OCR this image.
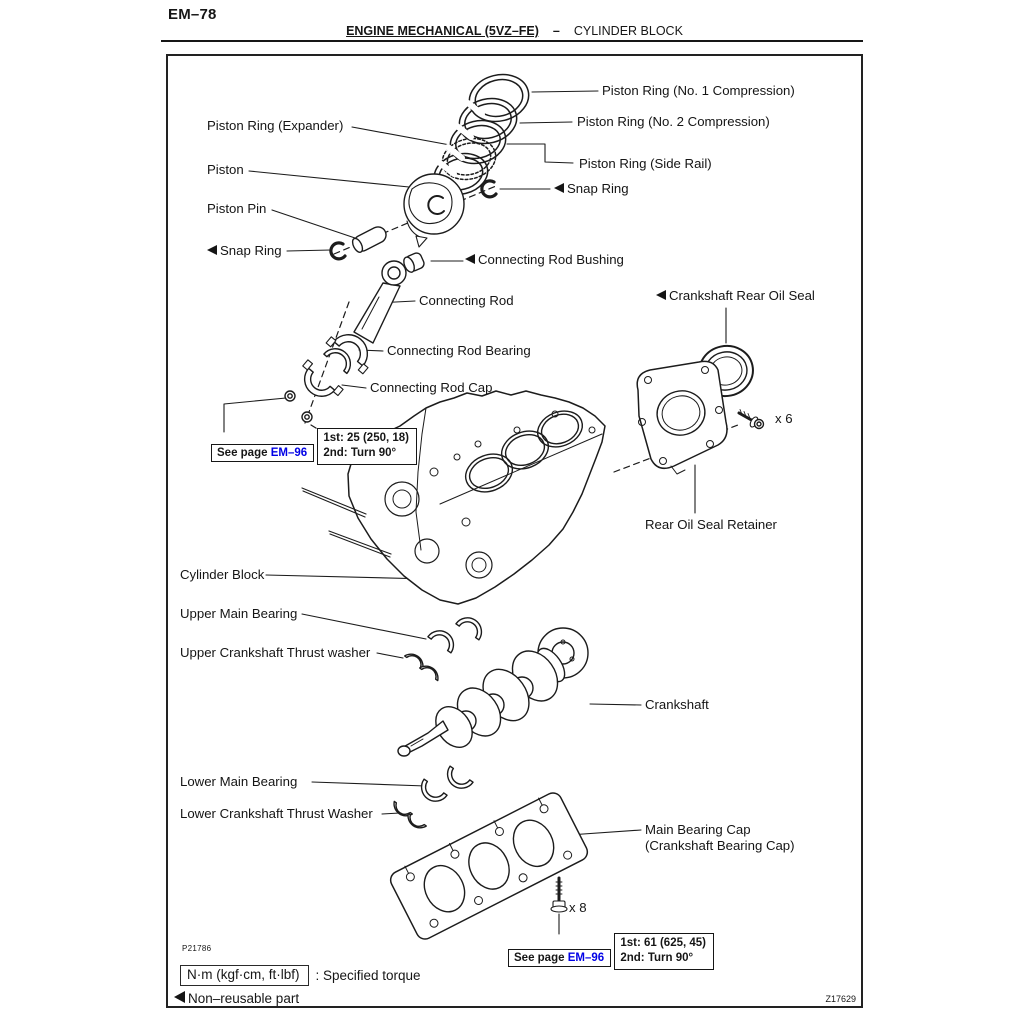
EM–78
ENGINE MECHANICAL (5VZ–FE) – CYLINDER BLOCK
Piston Ring (No. 1 Compression)
Piston Ring (No. 2 Compression)
Piston Ring (Expander)
Piston Ring (Side Rail)
Piston
Snap Ring
Piston Pin
Snap Ring
Connecting Rod Bushing
Connecting Rod	Crankshaft Rear Oil Seal
Connecting Rod Bearing
Connecting Rod Cap
x 6
Rear Oil Seal Retainer
Cylinder Block
Upper Main Bearing
Upper Crankshaft Thrust washer
Crankshaft
Lower Main Bearing
Lower Crankshaft Thrust Washer
Main Bearing Cap
(Crankshaft Bearing Cap)
x 8
See page EM–96
1st: 25 (250, 18)
2nd: Turn 90°
See page EM–96
1st: 61 (625, 45)
2nd: Turn 90°
P21786
N·m (kgf·cm, ft·lbf)	: Specified torque
Non–reusable part	Z17629
